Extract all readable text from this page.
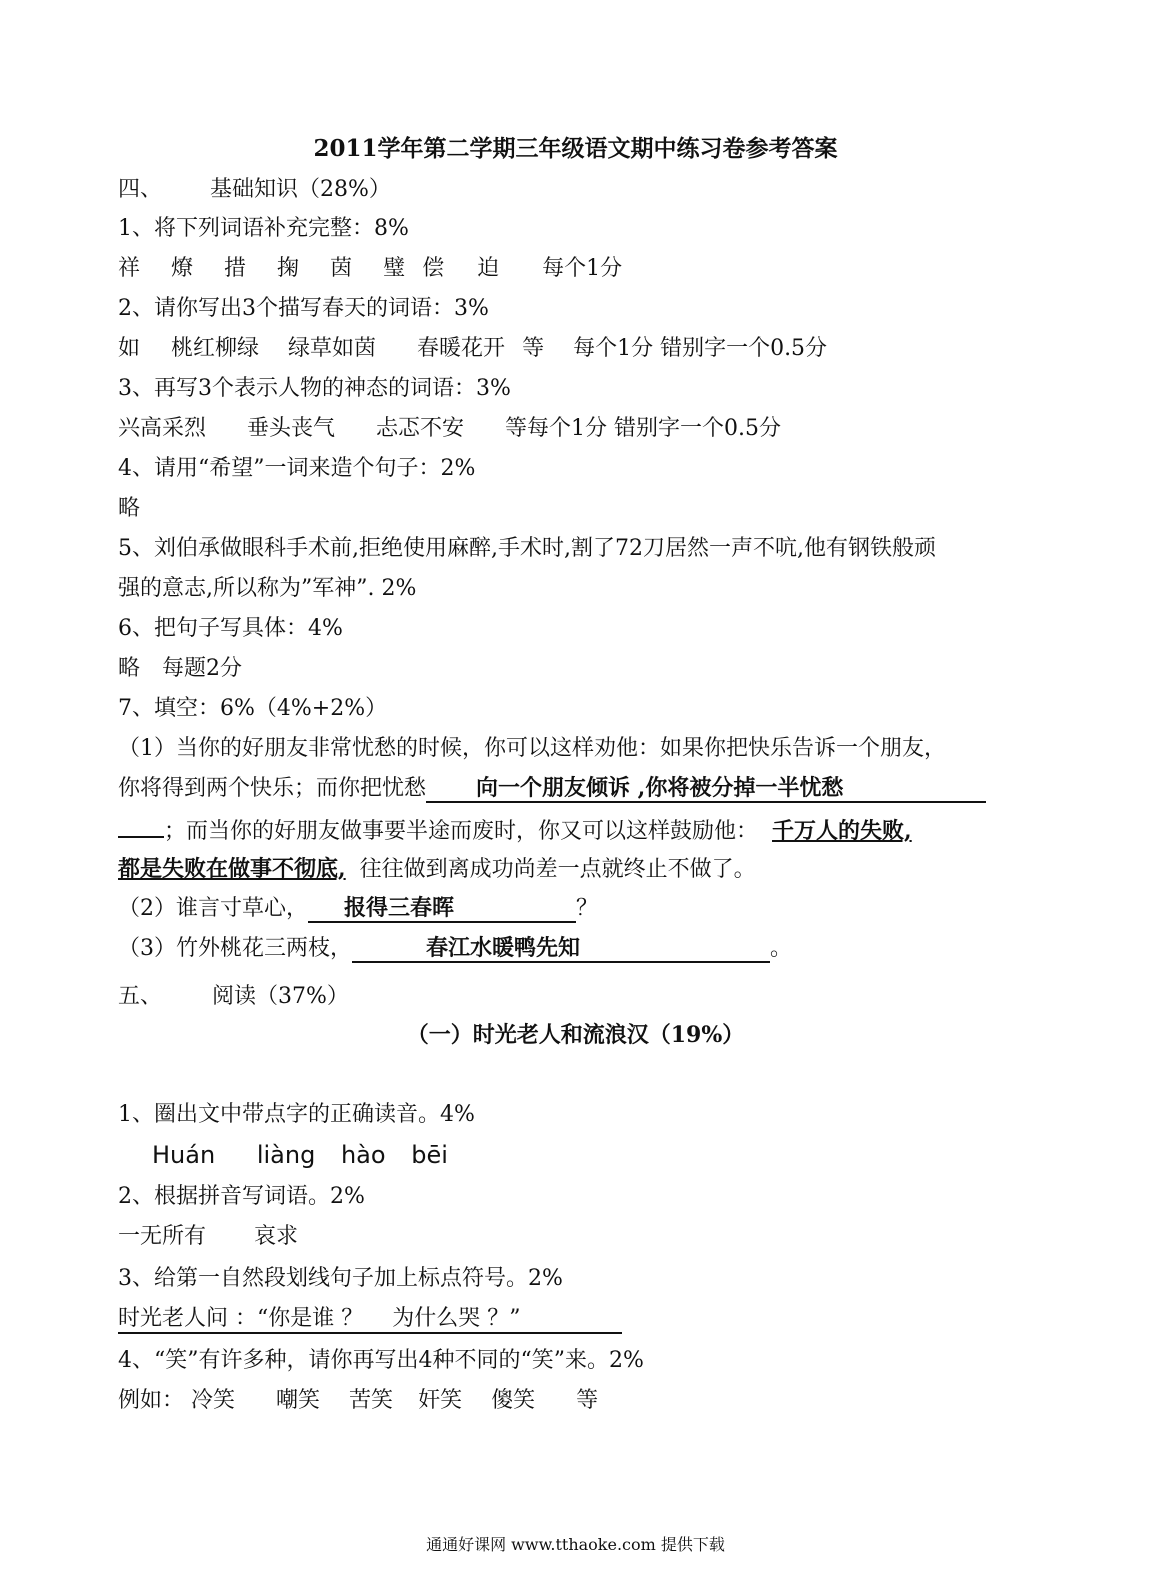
2011学年第二学期三年级语文期中练习卷参考答案
四、 基础知识（28%）
1、将下列词语补充完整：8%
祥 燎 措 掬 茵 璧 偿 迫 每个1分
2、请你写出3个描写春天的词语：3%
如 桃红柳绿 绿草如茵 春暖花开 等 每个1分 错别字一个0.5分
3、再写3个表示人物的神态的词语：3%
兴高采烈 垂头丧气 忐忑不安 等每个1分 错别字一个0.5分
4、请用“希望”一词来造个句子：2%
略
5、刘伯承做眼科手术前,拒绝使用麻醉,手术时,割了72刀居然一声不吭,他有钢铁般顽
强的意志,所以称为”军神”. 2%
6、把句子写具体：4%
略 每题2分
7、填空：6%（4%+2%）
（1）当你的好朋友非常忧愁的时候，你可以这样劝他：如果你把快乐告诉一个朋友，
你将得到两个快乐；而你把忧愁 向一个朋友倾诉 ,你将被分掉一半忧愁
；而当你的好朋友做事要半途而废时，你又可以这样鼓励他： 千万人的失败,
都是失败在做事不彻底, 往往做到离成功尚差一点就终止不做了。
（2）谁言寸草心， 报得三春晖	？
（3）竹外桃花三两枝，	春江水暖鸭先知	。
五、 阅读（37%）
（一）时光老人和流浪汉（19%）
1、圈出文中带点字的正确读音。4%
Huán liàng hào bēi
2、根据拼音写词语。2%
一无所有 哀求
3、给第一自然段划线句子加上标点符号。2%
时光老人问 ：“你是谁 ？　 为什么哭 ？”
4、“笑”有许多种，请你再写出4种不同的“笑”来。2%
例如： 冷笑 嘲笑 苦笑 奸笑 傻笑 等
通通好课网 www.tthaoke.com 提供下载
